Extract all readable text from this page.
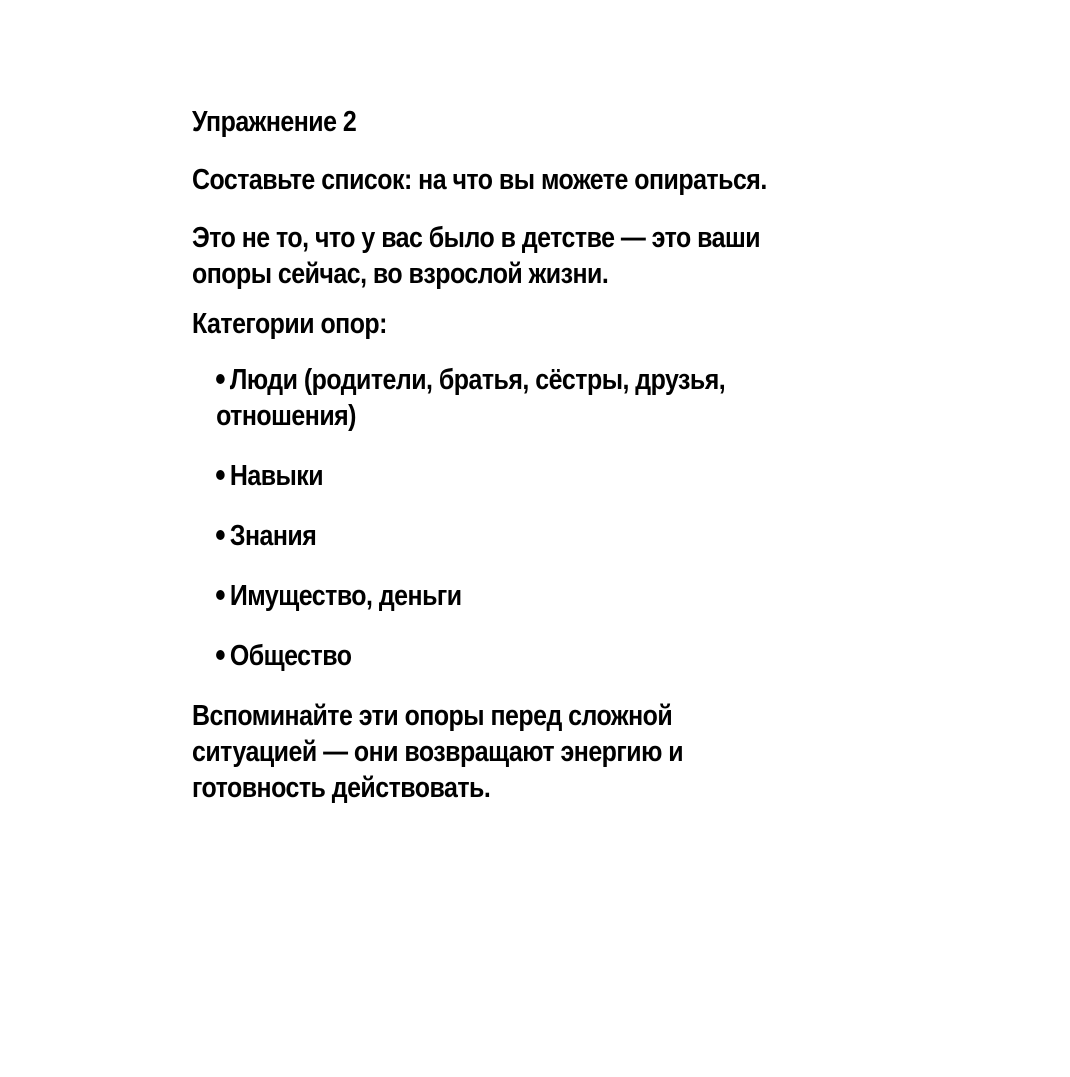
Упражнение 2
Составьте список: на что вы можете опираться.
Это не то, что у вас было в детстве — это ваши
опоры сейчас, во взрослой жизни.
Категории опор:
Люди (родители, братья, сёстры, друзья,
отношения)
Навыки
Знания
Имущество, деньги
Общество
Вспоминайте эти опоры перед сложной
ситуацией — они возвращают энергию и
готовность действовать.
